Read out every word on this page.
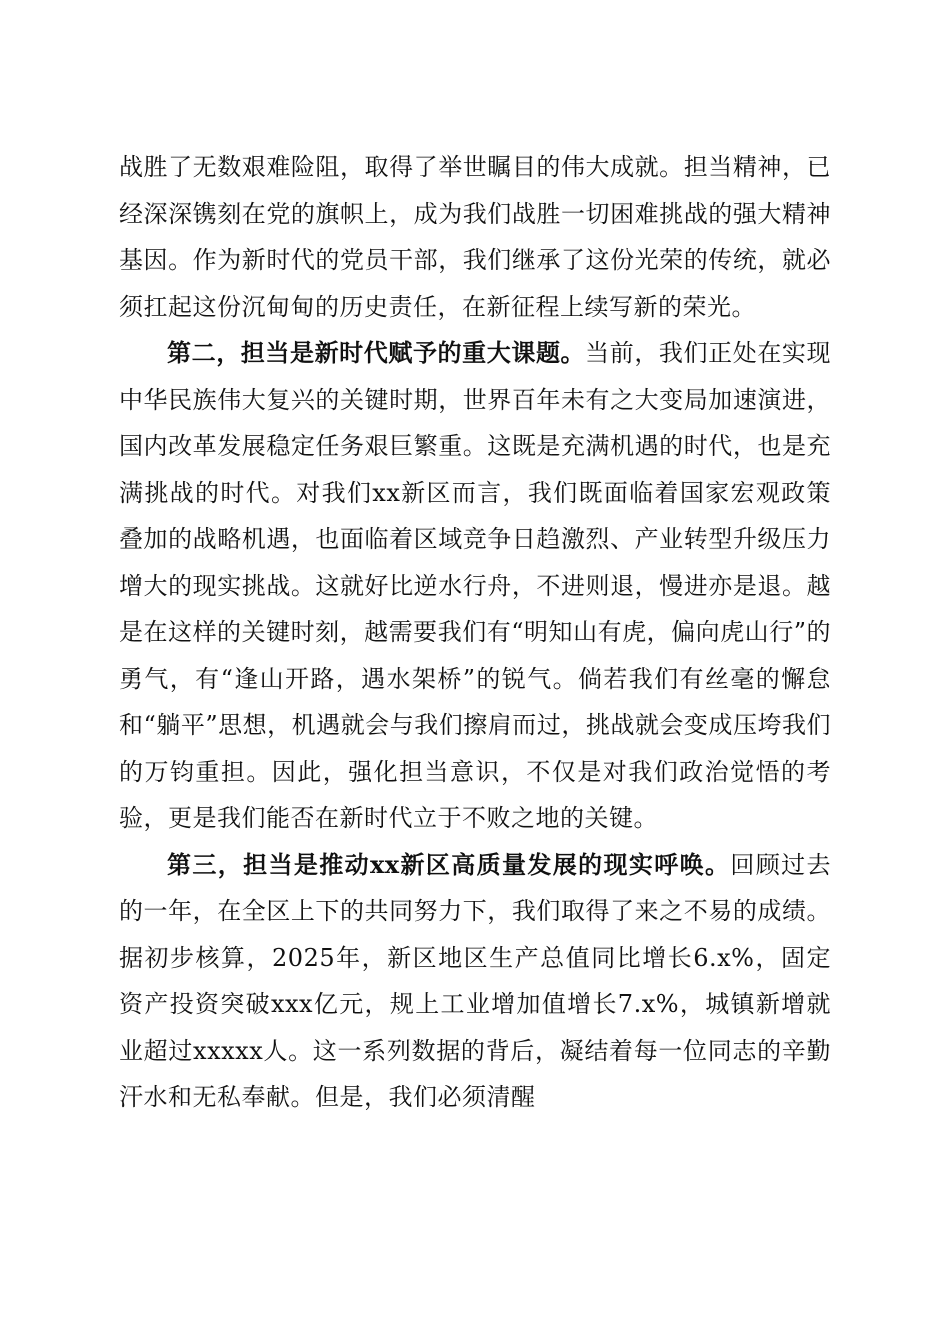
战胜了无数艰难险阻，取得了举世瞩目的伟大成就。担当精神，已经深深镌刻在党的旗帜上，成为我们战胜一切困难挑战的强大精神基因。作为新时代的党员干部，我们继承了这份光荣的传统，就必须扛起这份沉甸甸的历史责任，在新征程上续写新的荣光。

第二，担当是新时代赋予的重大课题。当前，我们正处在实现中华民族伟大复兴的关键时期，世界百年未有之大变局加速演进，国内改革发展稳定任务艰巨繁重。这既是充满机遇的时代，也是充满挑战的时代。对我们xx新区而言，我们既面临着国家宏观政策叠加的战略机遇，也面临着区域竞争日趋激烈、产业转型升级压力增大的现实挑战。这就好比逆水行舟，不进则退，慢进亦是退。越是在这样的关键时刻，越需要我们有“明知山有虎，偏向虎山行”的勇气，有“逢山开路，遇水架桥”的锐气。倘若我们有丝毫的懈怠和“躺平”思想，机遇就会与我们擦肩而过，挑战就会变成压垮我们的万钧重担。因此，强化担当意识，不仅是对我们政治觉悟的考验，更是我们能否在新时代立于不败之地的关键。

第三，担当是推动xx新区高质量发展的现实呼唤。回顾过去的一年，在全区上下的共同努力下，我们取得了来之不易的成绩。据初步核算，2025年，新区地区生产总值同比增长6.x%，固定资产投资突破xxx亿元，规上工业增加值增长7.x%，城镇新增就业超过xxxxx人。这一系列数据的背后，凝结着每一位同志的辛勤汗水和无私奉献。但是，我们必须清醒
